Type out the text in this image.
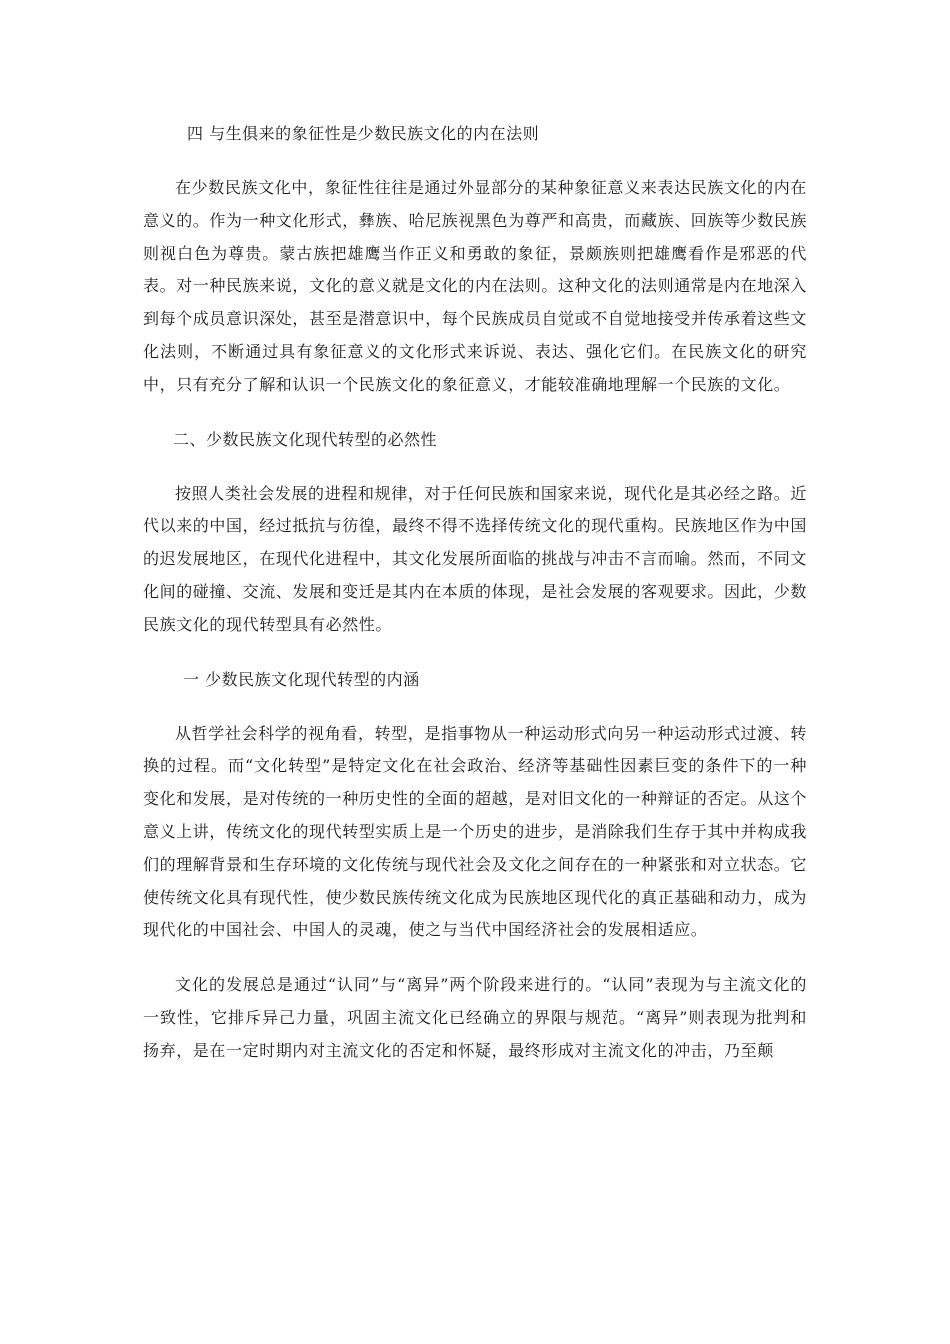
四 与生俱来的象征性是少数民族文化的内在法则

在少数民族文化中，象征性往往是通过外显部分的某种象征意义来表达民族文化的内在意义的。作为一种文化形式，彝族、哈尼族视黑色为尊严和高贵，而藏族、回族等少数民族则视白色为尊贵。蒙古族把雄鹰当作正义和勇敢的象征，景颇族则把雄鹰看作是邪恶的代表。对一种民族来说，文化的意义就是文化的内在法则。这种文化的法则通常是内在地深入到每个成员意识深处，甚至是潜意识中，每个民族成员自觉或不自觉地接受并传承着这些文化法则，不断通过具有象征意义的文化形式来诉说、表达、强化它们。在民族文化的研究中，只有充分了解和认识一个民族文化的象征意义，才能较准确地理解一个民族的文化。

二、少数民族文化现代转型的必然性

按照人类社会发展的进程和规律，对于任何民族和国家来说，现代化是其必经之路。近代以来的中国，经过抵抗与彷徨，最终不得不选择传统文化的现代重构。民族地区作为中国的迟发展地区，在现代化进程中，其文化发展所面临的挑战与冲击不言而喻。然而，不同文化间的碰撞、交流、发展和变迁是其内在本质的体现，是社会发展的客观要求。因此，少数民族文化的现代转型具有必然性。

一 少数民族文化现代转型的内涵

从哲学社会科学的视角看，转型，是指事物从一种运动形式向另一种运动形式过渡、转换的过程。而“文化转型”是特定文化在社会政治、经济等基础性因素巨变的条件下的一种变化和发展，是对传统的一种历史性的全面的超越，是对旧文化的一种辩证的否定。从这个意义上讲，传统文化的现代转型实质上是一个历史的进步，是消除我们生存于其中并构成我们的理解背景和生存环境的文化传统与现代社会及文化之间存在的一种紧张和对立状态。它使传统文化具有现代性，使少数民族传统文化成为民族地区现代化的真正基础和动力，成为现代化的中国社会、中国人的灵魂，使之与当代中国经济社会的发展相适应。

文化的发展总是通过“认同”与“离异”两个阶段来进行的。“认同”表现为与主流文化的一致性，它排斥异己力量，巩固主流文化已经确立的界限与规范。“离异”则表现为批判和扬弃，是在一定时期内对主流文化的否定和怀疑，最终形成对主流文化的冲击，乃至颠
